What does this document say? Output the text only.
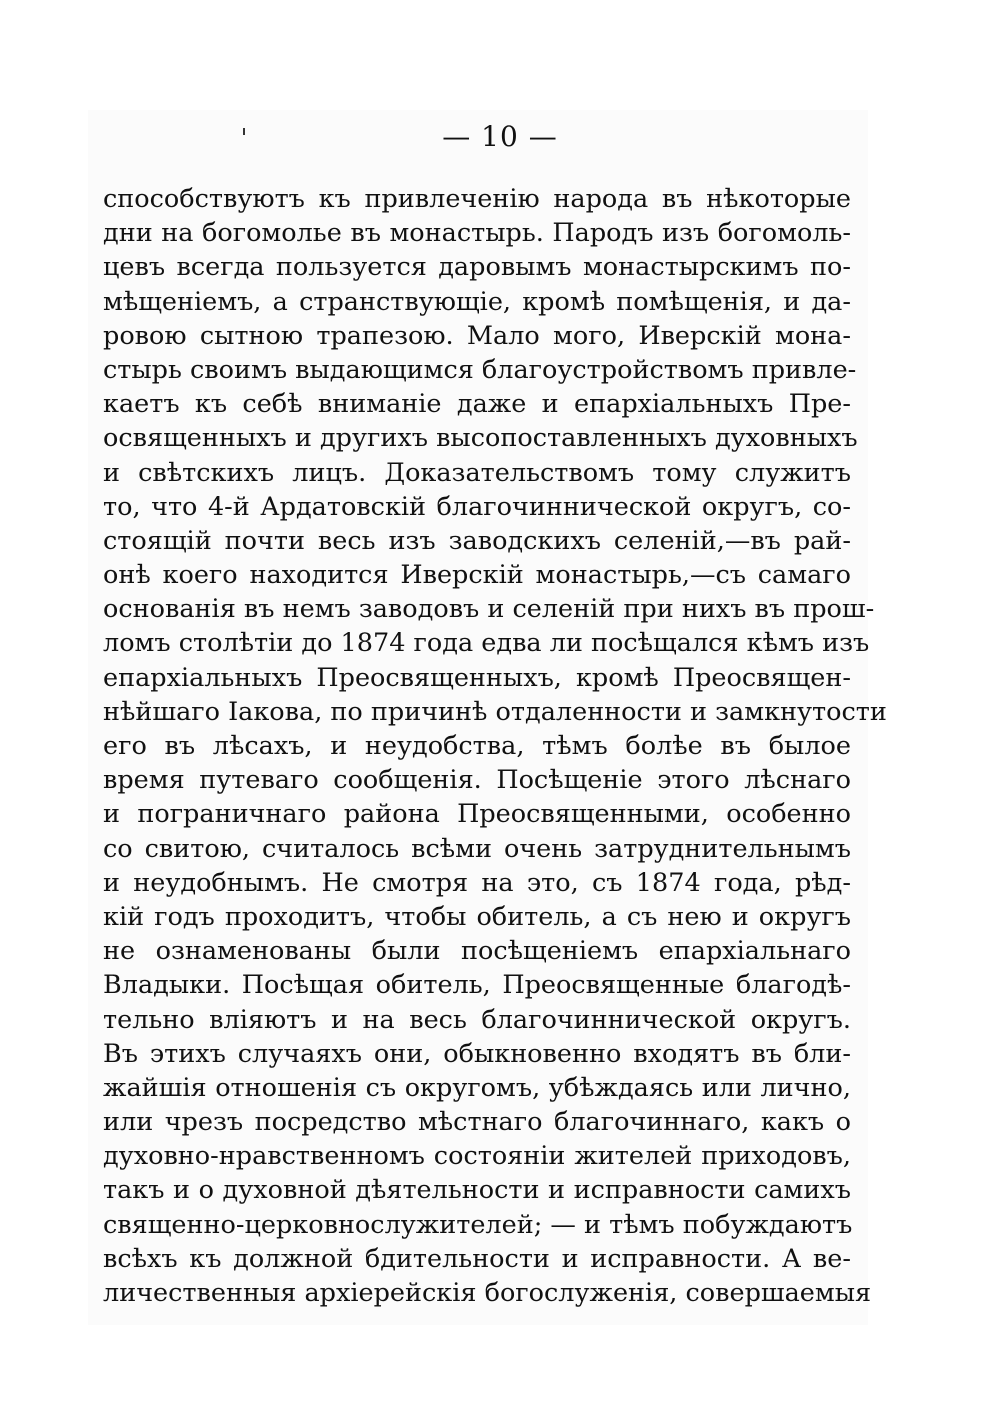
— 10 —
способствуютъ къ привлеченію народа въ нѣкоторые
дни на богомолье въ монастырь. Пародъ изъ богомоль-
цевъ всегда пользуется даровымъ монастырскимъ по-
мѣщеніемъ, а странствующіе, кромѣ помѣщенія, и да-
ровою сытною трапезою. Мало мого, Иверскій мона-
стырь своимъ выдающимся благоустройствомъ привле-
каетъ къ себѣ вниманіе даже и епархіальныхъ Пре-
освященныхъ и другихъ высопоставленныхъ духовныхъ
и свѣтскихъ лицъ. Доказательствомъ тому служитъ
то, что 4-й Ардатовскій благочиннической округъ, со-
стоящій почти весь изъ заводскихъ селеній,—въ рай-
онѣ коего находится Иверскій монастырь,—съ самаго
основанія въ немъ заводовъ и селеній при нихъ въ прош-
ломъ столѣтіи до 1874 года едва ли посѣщался кѣмъ изъ
епархіальныхъ Преосвященныхъ, кромѣ Преосвящен-
нѣйшаго Іакова, по причинѣ отдаленности и замкнутости
его въ лѣсахъ, и неудобства, тѣмъ болѣе въ былое
время путеваго сообщенія. Посѣщеніе этого лѣснаго
и пограничнаго района Преосвященными, особенно
со свитою, считалось всѣми очень затруднительнымъ
и неудобнымъ. Не смотря на это, съ 1874 года, рѣд-
кій годъ проходитъ, чтобы обитель, а съ нею и округъ
не ознаменованы были посѣщеніемъ епархіальнаго
Владыки. Посѣщая обитель, Преосвященные благодѣ-
тельно вліяютъ и на весь благочиннической округъ.
Въ этихъ случаяхъ они, обыкновенно входятъ въ бли-
жайшія отношенія съ округомъ, убѣждаясь или лично,
или чрезъ посредство мѣстнаго благочиннаго, какъ о
духовно-нравственномъ состояніи жителей приходовъ,
такъ и о духовной дѣятельности и исправности самихъ
священно-церковнослужителей; — и тѣмъ побуждаютъ
всѣхъ къ должной бдительности и исправности. А ве-
личественныя архіерейскія богослуженія, совершаемыя
